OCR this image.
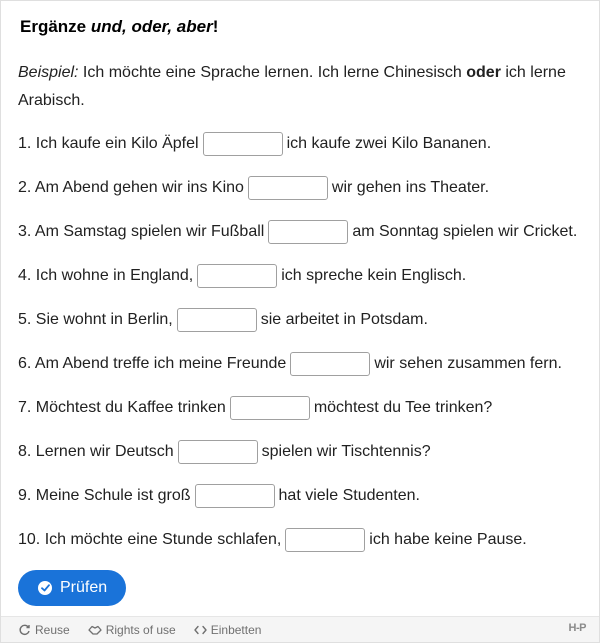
Ergänze und, oder, aber!

Beispiel: Ich möchte eine Sprache lernen. Ich lerne Chinesisch oder ich lerne Arabisch.

1. Ich kaufe ein Kilo Äpfel	ich kaufe zwei Kilo Bananen.
2. Am Abend gehen wir ins Kino	wir gehen ins Theater.
3. Am Samstag spielen wir Fußball	am Sonntag spielen wir Cricket.
4. Ich wohne in England,	ich spreche kein Englisch.
5. Sie wohnt in Berlin,	sie arbeitet in Potsdam.
6. Am Abend treffe ich meine Freunde	wir sehen zusammen fern.
7. Möchtest du Kaffee trinken	möchtest du Tee trinken?
8. Lernen wir Deutsch	spielen wir Tischtennis?
9. Meine Schule ist groß	hat viele Studenten.
10. Ich möchte eine Stunde schlafen,	ich habe keine Pause.
Prüfen
Reuse	Rights of use	Einbetten	H-P
